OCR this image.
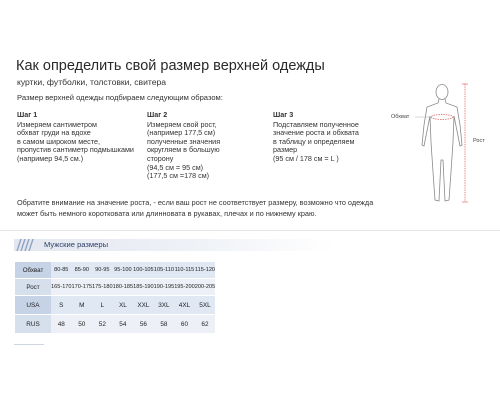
Как определить свой размер верхней одежды
куртки, футболки, толстовки, свитера
Размер верхней одежды подбираем следующим образом:
Шаг 1
Измеряем сантиметром
обхват груди на вдохе
в самом широком месте,
пропустив сантиметр подмышками
(например 94,5 см.)
Шаг 2
Измеряем свой рост,
(например 177,5 см)
полученные значения
округляем в большую
сторону
(94,5 см = 95 см)
(177,5 см =178 см)
Шаг 3
Подставляем полученное
значение роста и обхвата
в таблицу и определяем
размер
(95 см / 178 см = L )
Обратите внимание на значение роста, - если ваш рост не соответствует размеру, возможно что одежда
может быть немного коротковата или длинновата в рукавах, плечах и по нижнему краю.
Обхват
Рост
Мужские размеры
Обхват	80-85	85-90	90-95	95-100	100-105	105-110	110-115	115-120
Рост	165-170	170-175	175-180	180-185	185-190	190-195	195-200	200-205
USA	S	M	L	XL	XXL	3XL	4XL	5XL
RUS	48	50	52	54	56	58	60	62
